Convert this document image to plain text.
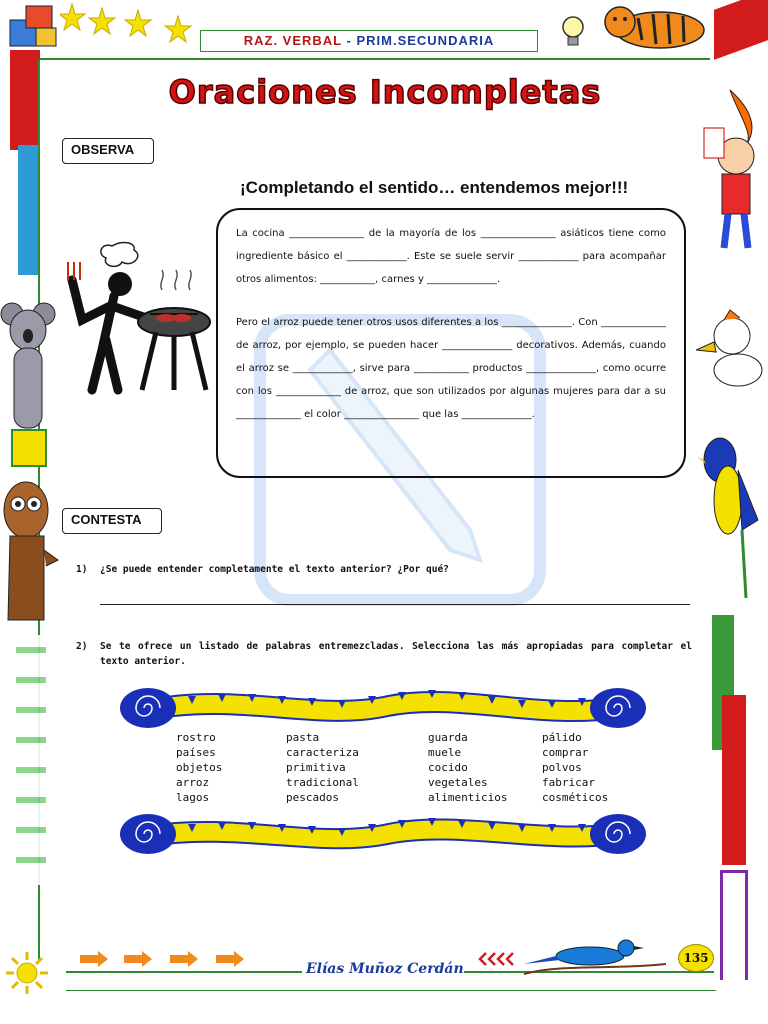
RAZ. VERBAL - PRIM.SECUNDARIA
Oraciones Incompletas
OBSERVA
¡Completando el sentido… entendemos mejor!!!

La cocina _______________ de la mayoría de los _______________ asiáticos tiene como ingrediente básico el ____________. Este se suele servir ____________ para acompañar otros alimentos: ___________, carnes y ______________.

Pero el arroz puede tener otros usos diferentes a los ______________. Con _____________ de arroz, por ejemplo, se pueden hacer ______________ decorativos. Además, cuando el arroz se ____________, sirve para ___________ productos ______________, como ocurre con los _____________ de arroz, que son utilizados por algunas mujeres para dar a su _____________ el color _______________ que las ______________.

CONTESTA
1) ¿Se puede entender completamente el texto anterior? ¿Por qué?
2) Se te ofrece un listado de palabras entremezcladas. Selecciona las más apropiadas para completar el texto anterior.
rostro
países
objetos
arroz
lagos
pasta
caracteriza
primitiva
tradicional
pescados
guarda
muele
cocido
vegetales
alimenticios
pálido
comprar
polvos
fabricar
cosméticos
Elías Muñoz Cerdán
135
